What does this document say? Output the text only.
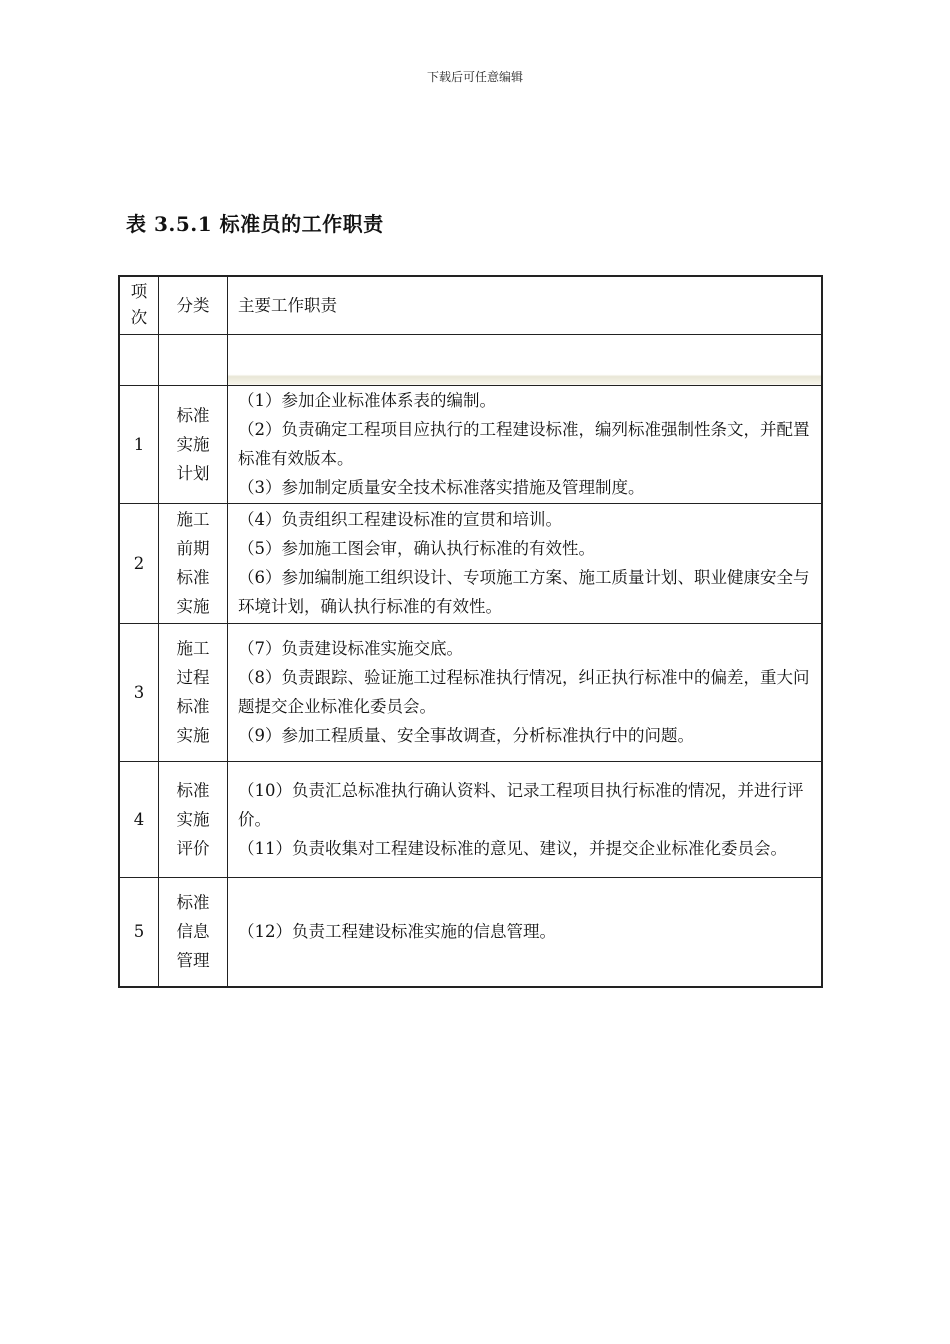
下载后可任意编辑
表 3.5.1 标准员的工作职责
项次	分类	主要工作职责

1	标准实施计划	（1）参加企业标准体系表的编制。
（2）负责确定工程项目应执行的工程建设标准，编列标准强制性条文，并配置标准有效版本。
（3）参加制定质量安全技术标准落实措施及管理制度。

2	施工前期标准实施	（4）负责组织工程建设标准的宣贯和培训。
（5）参加施工图会审，确认执行标准的有效性。
（6）参加编制施工组织设计、专项施工方案、施工质量计划、职业健康安全与环境计划，确认执行标准的有效性。

3	施工过程标准实施	（7）负责建设标准实施交底。
（8）负责跟踪、验证施工过程标准执行情况，纠正执行标准中的偏差，重大问题提交企业标准化委员会。
（9）参加工程质量、安全事故调查，分析标准执行中的问题。

4	标准实施评价	（10）负责汇总标准执行确认资料、记录工程项目执行标准的情况，并进行评价。
（11）负责收集对工程建设标准的意见、建议，并提交企业标准化委员会。

5	标准信息管理	（12）负责工程建设标准实施的信息管理。
